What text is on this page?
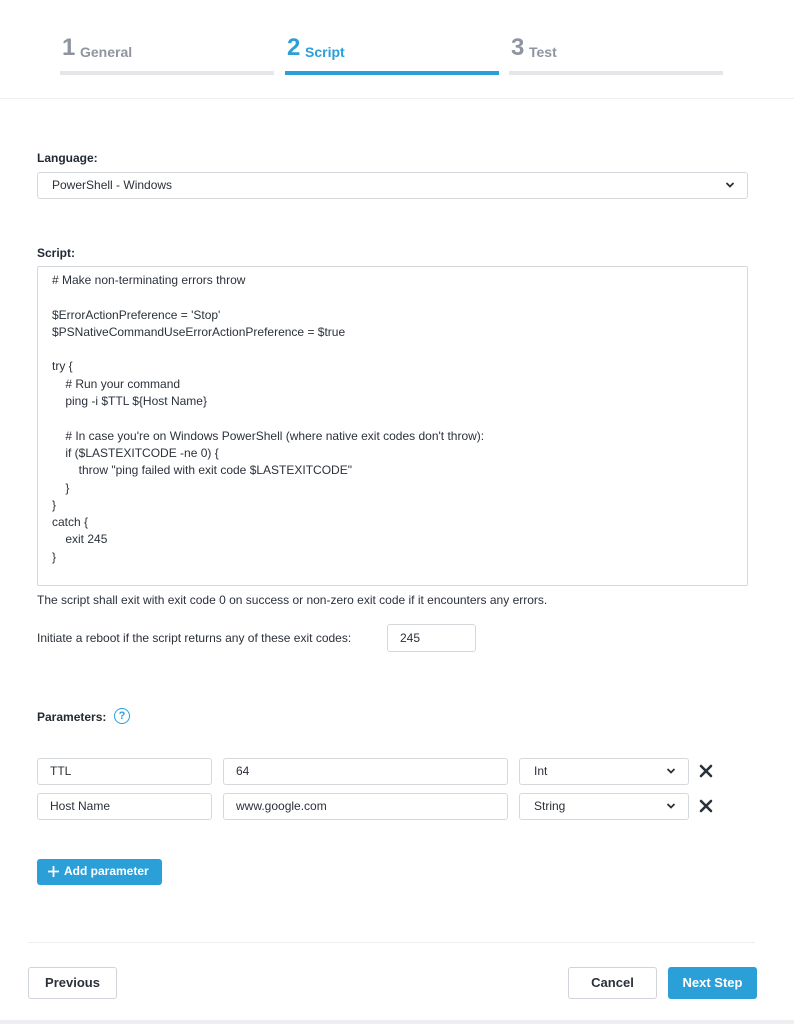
1 General	2 Script	3 Test
Language:
PowerShell - Windows
Script:
# Make non-terminating errors throw

$ErrorActionPreference = 'Stop'
$PSNativeCommandUseErrorActionPreference = $true

try {
# Run your command
ping -i $TTL ${Host Name}

# In case you're on Windows PowerShell (where native exit codes don't throw):
if ($LASTEXITCODE -ne 0) {
throw "ping failed with exit code $LASTEXITCODE"
}
}
catch {
exit 245
}
The script shall exit with exit code 0 on success or non-zero exit code if it encounters any errors.
Initiate a reboot if the script returns any of these exit codes:	245
Parameters:	?
TTL	64	Int
Host Name	www.google.com	String
Add parameter
Previous	Cancel	Next Step
